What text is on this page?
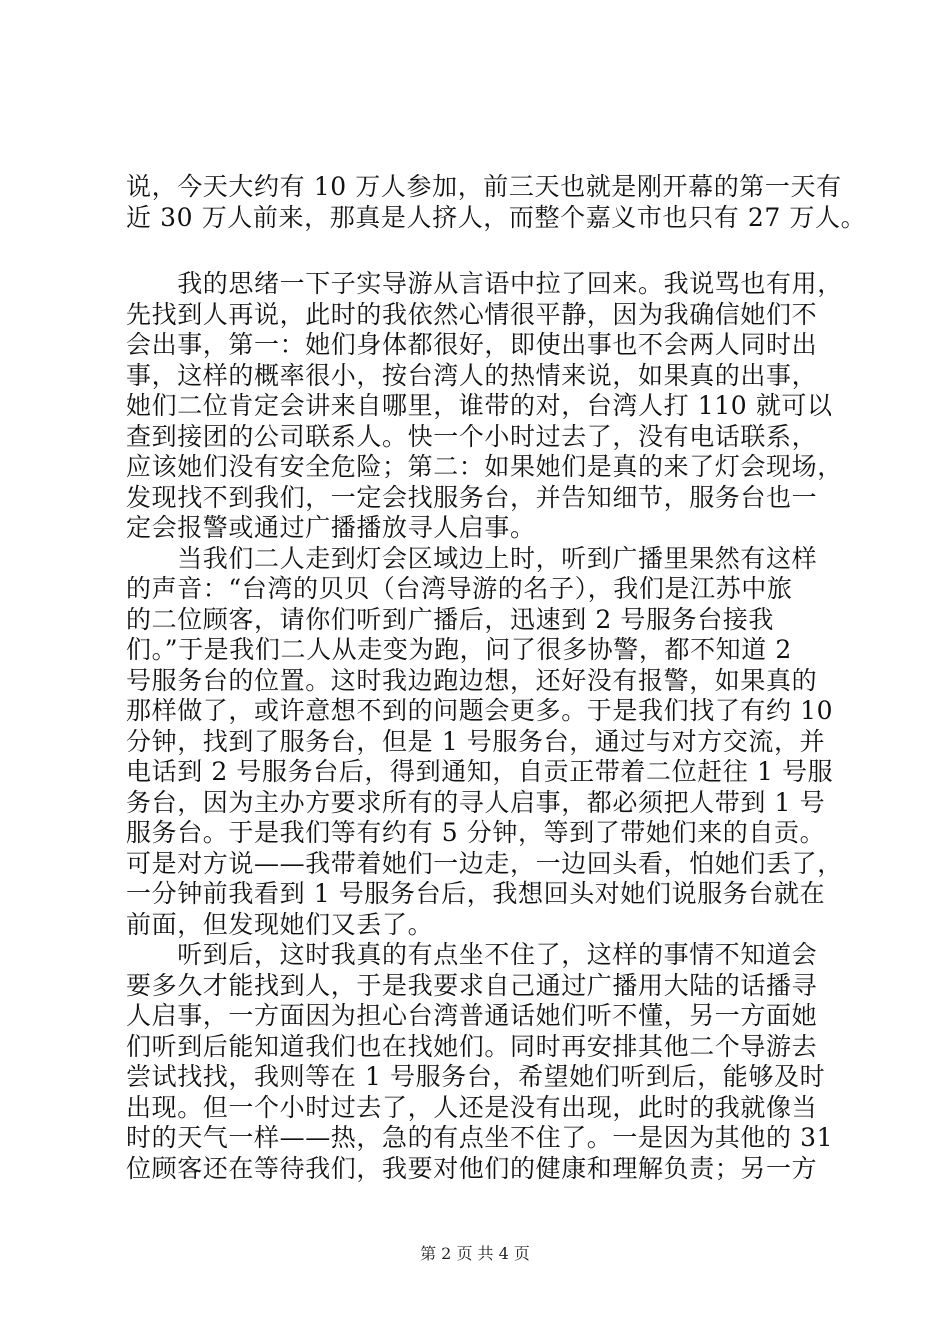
说，今天大约有 10 万人参加，前三天也就是刚开幕的第一天有
近 30 万人前来，那真是人挤人，而整个嘉义市也只有 27 万人。
　　我的思绪一下子实导游从言语中拉了回来。我说骂也有用，
先找到人再说，此时的我依然心情很平静，因为我确信她们不
会出事，第一：她们身体都很好，即使出事也不会两人同时出
事，这样的概率很小，按台湾人的热情来说，如果真的出事，
她们二位肯定会讲来自哪里，谁带的对，台湾人打 110 就可以
查到接团的公司联系人。快一个小时过去了，没有电话联系，
应该她们没有安全危险；第二：如果她们是真的来了灯会现场，
发现找不到我们，一定会找服务台，并告知细节，服务台也一
定会报警或通过广播播放寻人启事。
　　当我们二人走到灯会区域边上时，听到广播里果然有这样
的声音：“台湾的贝贝（台湾导游的名子），我们是江苏中旅
的二位顾客，请你们听到广播后，迅速到 2 号服务台接我
们。”于是我们二人从走变为跑，问了很多协警，都不知道 2
号服务台的位置。这时我边跑边想，还好没有报警，如果真的
那样做了，或许意想不到的问题会更多。于是我们找了有约 10
分钟，找到了服务台，但是 1 号服务台，通过与对方交流，并
电话到 2 号服务台后，得到通知，自贡正带着二位赶往 1 号服
务台，因为主办方要求所有的寻人启事，都必须把人带到 1 号
服务台。于是我们等有约有 5 分钟，等到了带她们来的自贡。
可是对方说——我带着她们一边走，一边回头看，怕她们丢了，
一分钟前我看到 1 号服务台后，我想回头对她们说服务台就在
前面，但发现她们又丢了。
　　听到后，这时我真的有点坐不住了，这样的事情不知道会
要多久才能找到人，于是我要求自己通过广播用大陆的话播寻
人启事，一方面因为担心台湾普通话她们听不懂，另一方面她
们听到后能知道我们也在找她们。同时再安排其他二个导游去
尝试找找，我则等在 1 号服务台，希望她们听到后，能够及时
出现。但一个小时过去了，人还是没有出现，此时的我就像当
时的天气一样——热，急的有点坐不住了。一是因为其他的 31
位顾客还在等待我们，我要对他们的健康和理解负责；另一方
第 2 页 共 4 页
